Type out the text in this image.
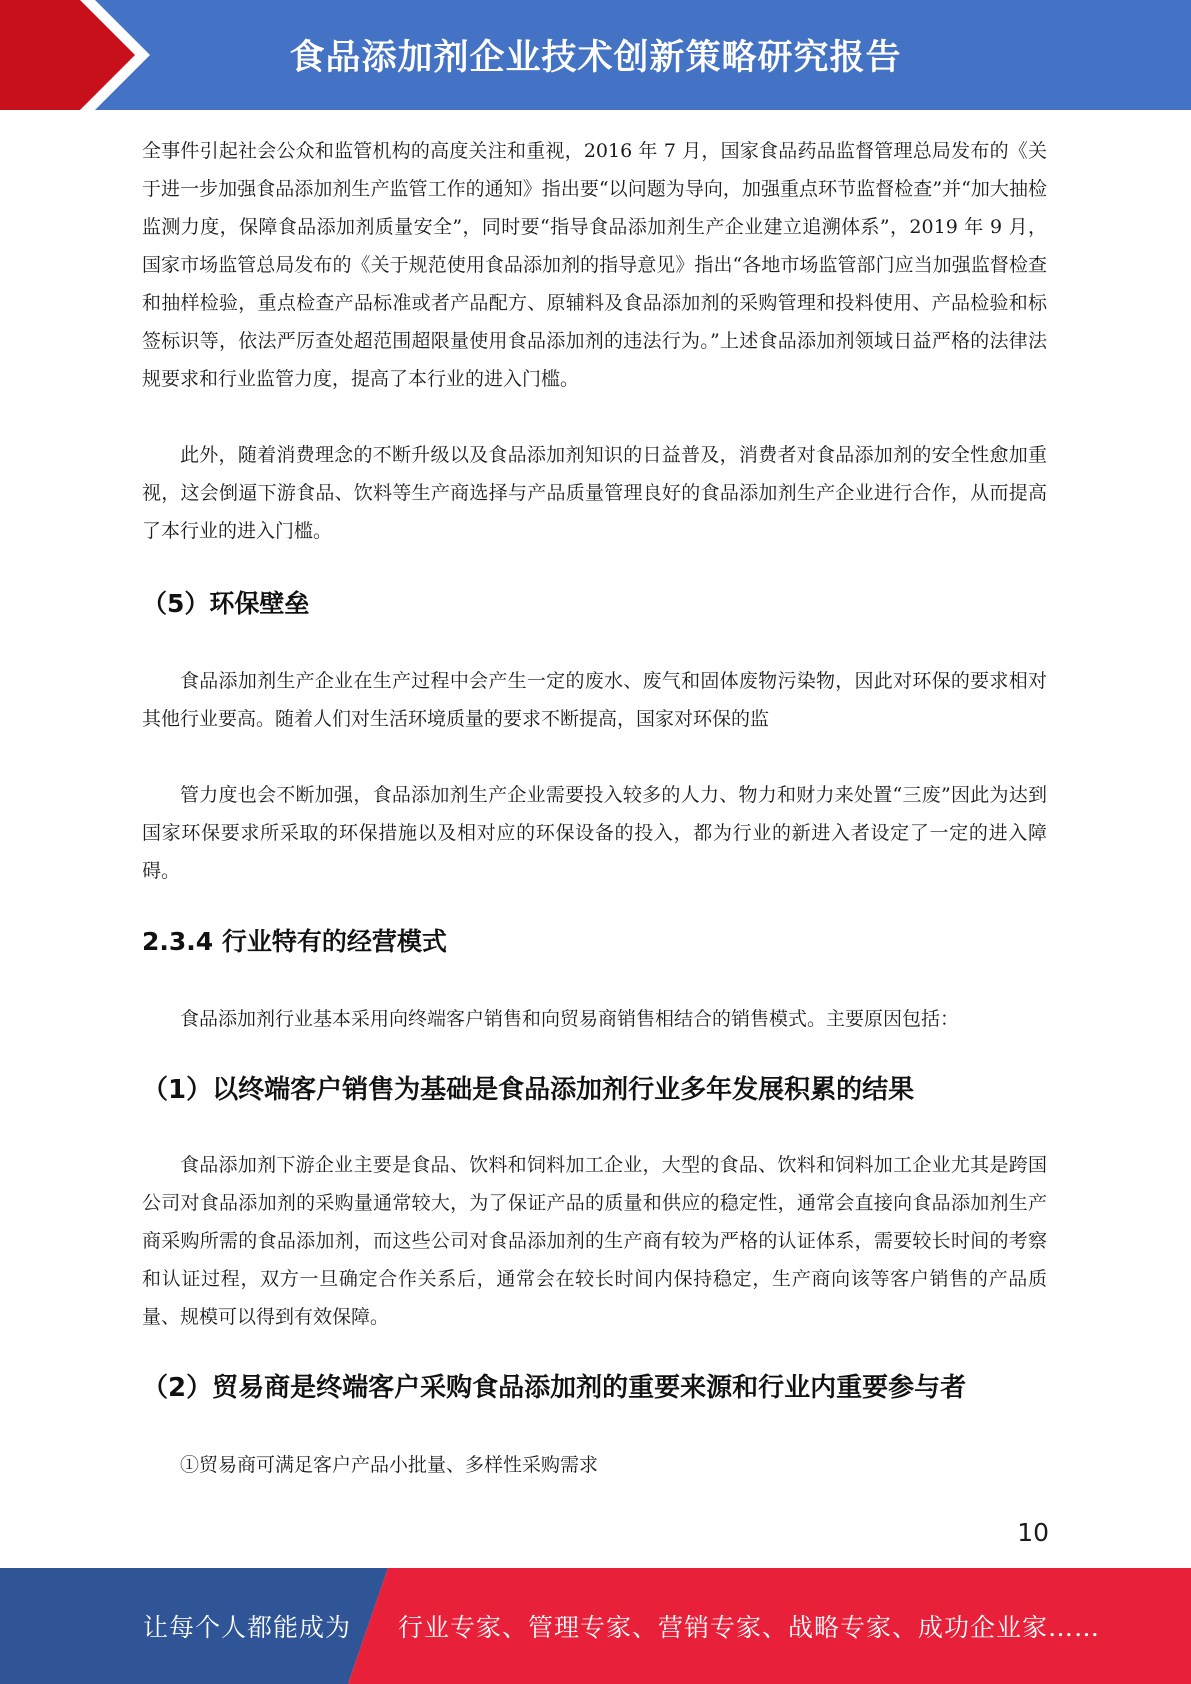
食品添加剂企业技术创新策略研究报告

全事件引起社会公众和监管机构的高度关注和重视，2016 年 7 月，国家食品药品监督管理总局发布的《关于进一步加强食品添加剂生产监管工作的通知》指出要“以问题为导向，加强重点环节监督检查”并“加大抽检监测力度，保障食品添加剂质量安全”，同时要“指导食品添加剂生产企业建立追溯体系”，2019 年 9 月，国家市场监管总局发布的《关于规范使用食品添加剂的指导意见》指出“各地市场监管部门应当加强监督检查和抽样检验，重点检查产品标准或者产品配方、原辅料及食品添加剂的采购管理和投料使用、产品检验和标签标识等，依法严厉查处超范围超限量使用食品添加剂的违法行为。”上述食品添加剂领域日益严格的法律法规要求和行业监管力度，提高了本行业的进入门槛。

此外，随着消费理念的不断升级以及食品添加剂知识的日益普及，消费者对食品添加剂的安全性愈加重视，这会倒逼下游食品、饮料等生产商选择与产品质量管理良好的食品添加剂生产企业进行合作，从而提高了本行业的进入门槛。

（5）环保壁垒

食品添加剂生产企业在生产过程中会产生一定的废水、废气和固体废物污染物，因此对环保的要求相对其他行业要高。随着人们对生活环境质量的要求不断提高，国家对环保的监

管力度也会不断加强，食品添加剂生产企业需要投入较多的人力、物力和财力来处置“三废”因此为达到国家环保要求所采取的环保措施以及相对应的环保设备的投入，都为行业的新进入者设定了一定的进入障碍。

2.3.4 行业特有的经营模式

食品添加剂行业基本采用向终端客户销售和向贸易商销售相结合的销售模式。主要原因包括：

（1）以终端客户销售为基础是食品添加剂行业多年发展积累的结果

食品添加剂下游企业主要是食品、饮料和饲料加工企业，大型的食品、饮料和饲料加工企业尤其是跨国公司对食品添加剂的采购量通常较大，为了保证产品的质量和供应的稳定性，通常会直接向食品添加剂生产商采购所需的食品添加剂，而这些公司对食品添加剂的生产商有较为严格的认证体系，需要较长时间的考察和认证过程，双方一旦确定合作关系后，通常会在较长时间内保持稳定，生产商向该等客户销售的产品质量、规模可以得到有效保障。

（2）贸易商是终端客户采购食品添加剂的重要来源和行业内重要参与者

①贸易商可满足客户产品小批量、多样性采购需求

10
让每个人都能成为 行业专家、管理专家、营销专家、战略专家、成功企业家……
